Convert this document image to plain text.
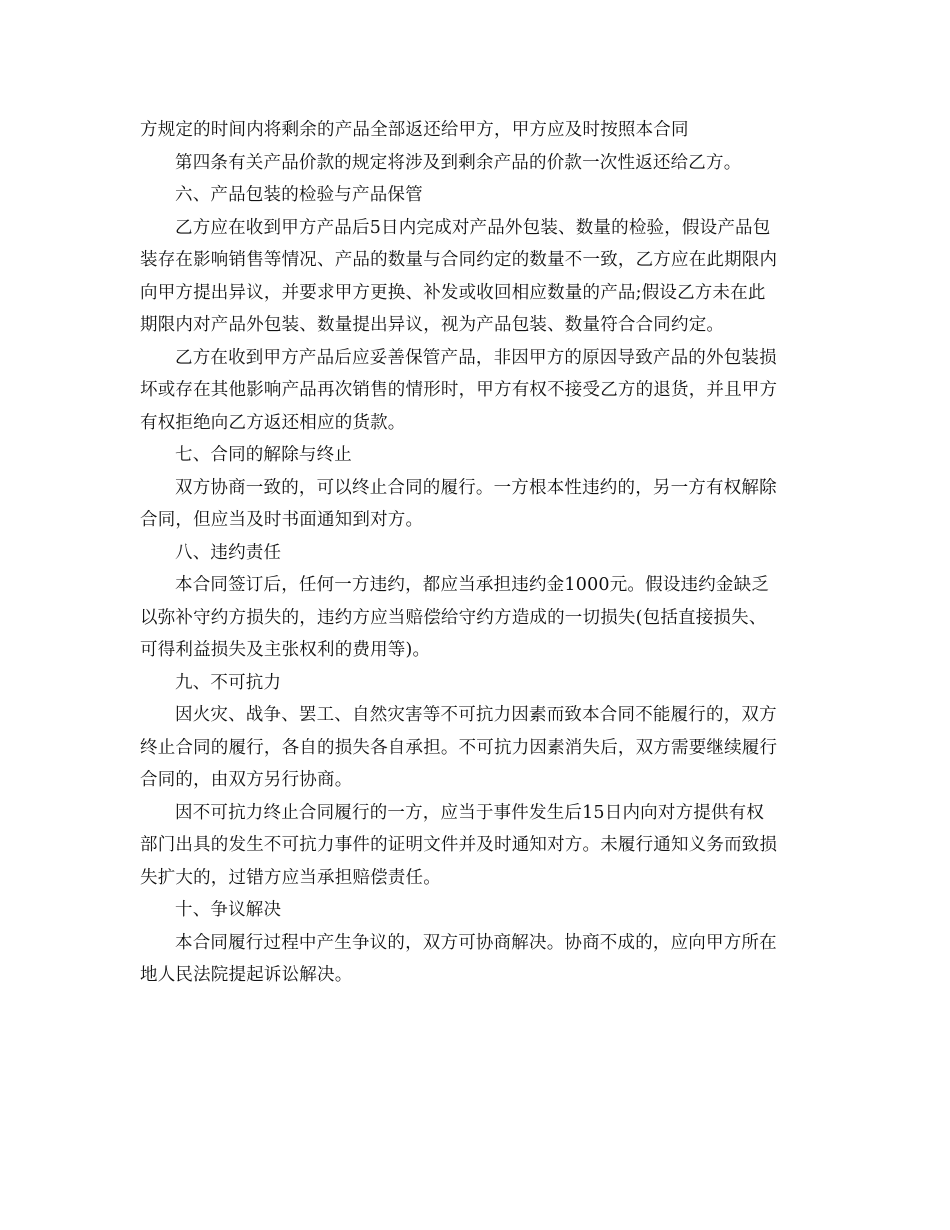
方规定的时间内将剩余的产品全部返还给甲方，甲方应及时按照本合同
第四条有关产品价款的规定将涉及到剩余产品的价款一次性返还给乙方。
六、产品包装的检验与产品保管
乙方应在收到甲方产品后5日内完成对产品外包装、数量的检验，假设产品包
装存在影响销售等情况、产品的数量与合同约定的数量不一致，乙方应在此期限内
向甲方提出异议，并要求甲方更换、补发或收回相应数量的产品;假设乙方未在此
期限内对产品外包装、数量提出异议，视为产品包装、数量符合合同约定。
乙方在收到甲方产品后应妥善保管产品，非因甲方的原因导致产品的外包装损
坏或存在其他影响产品再次销售的情形时，甲方有权不接受乙方的退货，并且甲方
有权拒绝向乙方返还相应的货款。
七、合同的解除与终止
双方协商一致的，可以终止合同的履行。一方根本性违约的，另一方有权解除
合同，但应当及时书面通知到对方。
八、违约责任
本合同签订后，任何一方违约，都应当承担违约金1000元。假设违约金缺乏
以弥补守约方损失的，违约方应当赔偿给守约方造成的一切损失(包括直接损失、
可得利益损失及主张权利的费用等)。
九、不可抗力
因火灾、战争、罢工、自然灾害等不可抗力因素而致本合同不能履行的，双方
终止合同的履行，各自的损失各自承担。不可抗力因素消失后，双方需要继续履行
合同的，由双方另行协商。
因不可抗力终止合同履行的一方，应当于事件发生后15日内向对方提供有权
部门出具的发生不可抗力事件的证明文件并及时通知对方。未履行通知义务而致损
失扩大的，过错方应当承担赔偿责任。
十、争议解决
本合同履行过程中产生争议的，双方可协商解决。协商不成的，应向甲方所在
地人民法院提起诉讼解决。
